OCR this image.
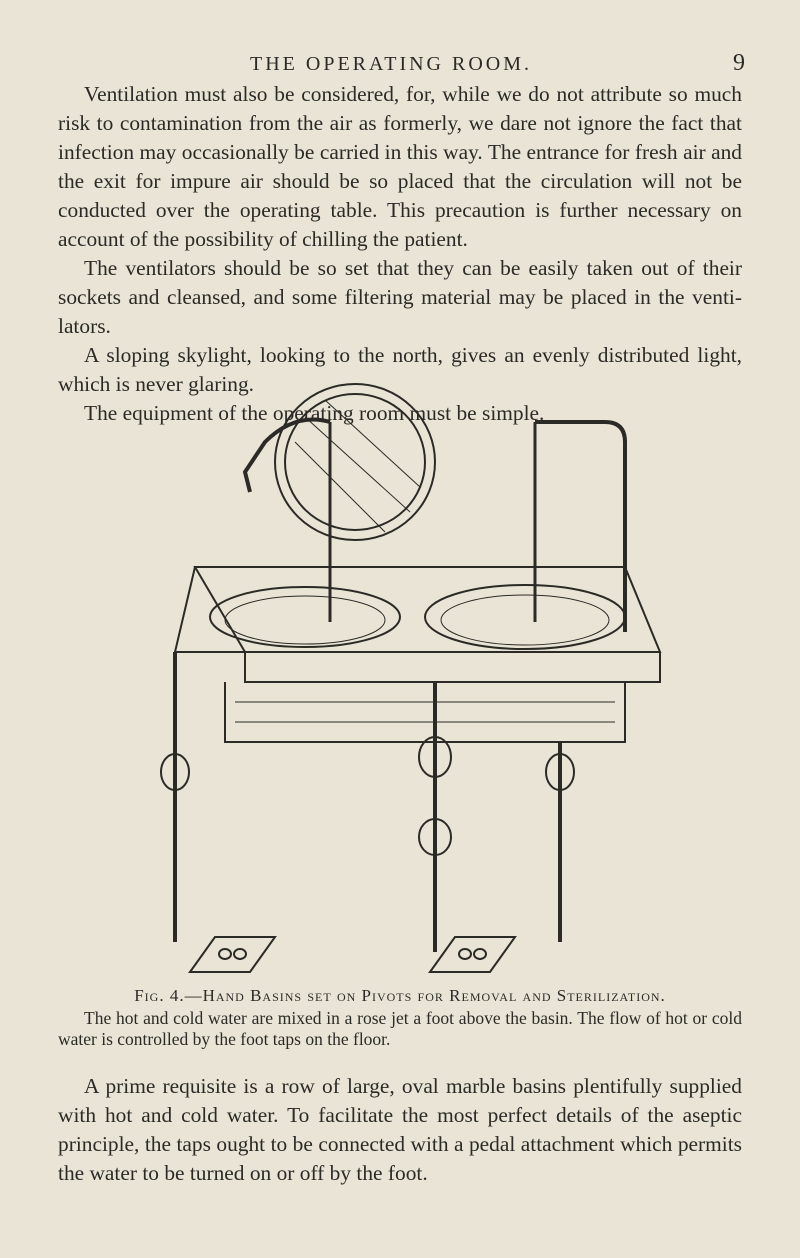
THE OPERATING ROOM.	9

Ventilation must also be considered, for, while we do not attribute so much risk to contamination from the air as formerly, we dare not ignore the fact that infection may occasionally be carried in this way. The entrance for fresh air and the exit for impure air should be so placed that the circulation will not be conducted over the operating table. This precaution is further necessary on account of the possibility of chilling the patient.

The ventilators should be so set that they can be easily taken out of their sockets and cleansed, and some filtering material may be placed in the venti- lators.

A sloping skylight, looking to the north, gives an evenly distributed light, which is never glaring.

The equipment of the operating room must be simple.

Fig. 4.—Hand Basins set on Pivots for Removal and Sterilization.
The hot and cold water are mixed in a rose jet a foot above the basin. The flow of hot or cold water is controlled by the foot taps on the floor.

A prime requisite is a row of large, oval marble basins plentifully supplied with hot and cold water. To facilitate the most perfect details of the aseptic principle, the taps ought to be connected with a pedal attachment which permits the water to be turned on or off by the foot.
